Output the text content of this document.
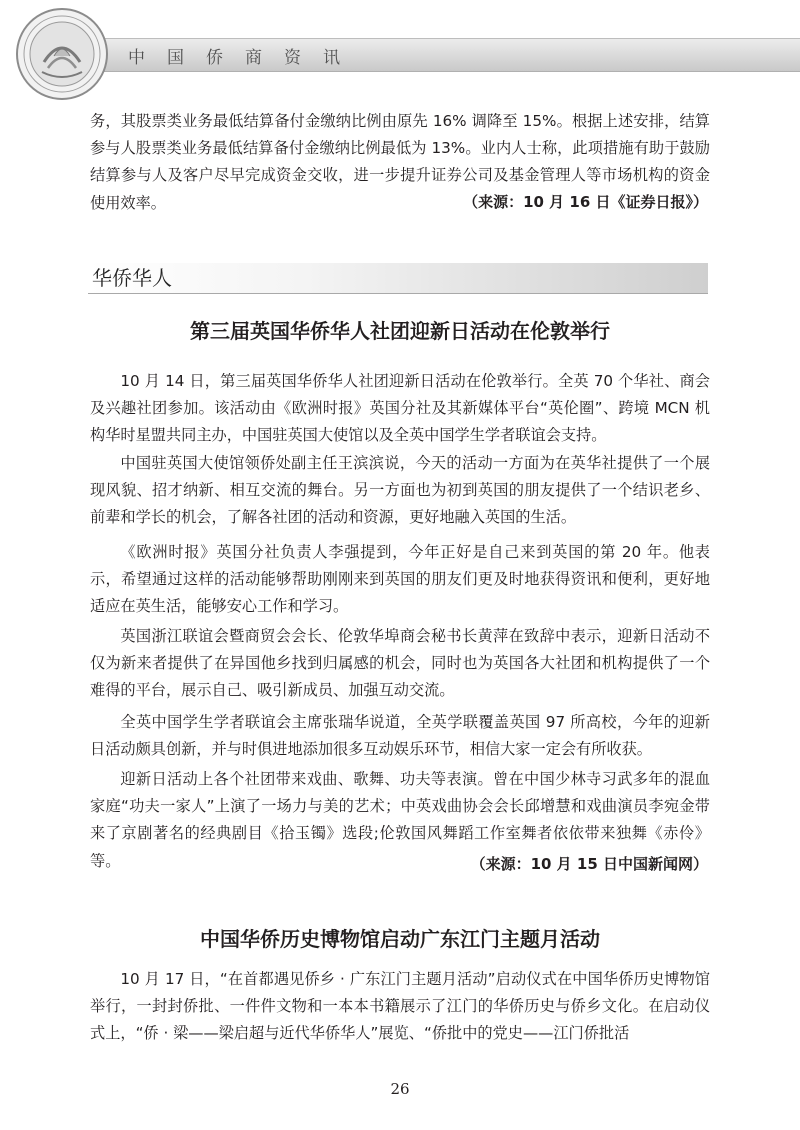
中国侨商资讯

务，其股票类业务最低结算备付金缴纳比例由原先 16% 调降至 15%。根据上述安排，结算参与人股票类业务最低结算备付金缴纳比例最低为 13%。业内人士称，此项措施有助于鼓励结算参与人及客户尽早完成资金交收，进一步提升证券公司及基金管理人等市场机构的资金使用效率。	（来源：10 月 16 日《证券日报》）

华侨华人

第三届英国华侨华人社团迎新日活动在伦敦举行

10 月 14 日，第三届英国华侨华人社团迎新日活动在伦敦举行。全英 70 个华社、商会及兴趣社团参加。该活动由《欧洲时报》英国分社及其新媒体平台“英伦圈”、跨境 MCN 机构华时星盟共同主办，中国驻英国大使馆以及全英中国学生学者联谊会支持。

中国驻英国大使馆领侨处副主任王滨滨说，今天的活动一方面为在英华社提供了一个展现风貌、招才纳新、相互交流的舞台。另一方面也为初到英国的朋友提供了一个结识老乡、前辈和学长的机会，了解各社团的活动和资源，更好地融入英国的生活。

《欧洲时报》英国分社负责人李强提到，今年正好是自己来到英国的第 20 年。他表示，希望通过这样的活动能够帮助刚刚来到英国的朋友们更及时地获得资讯和便利，更好地适应在英生活，能够安心工作和学习。

英国浙江联谊会暨商贸会会长、伦敦华埠商会秘书长黄萍在致辞中表示，迎新日活动不仅为新来者提供了在异国他乡找到归属感的机会，同时也为英国各大社团和机构提供了一个难得的平台，展示自己、吸引新成员、加强互动交流。

全英中国学生学者联谊会主席张瑞华说道，全英学联覆盖英国 97 所高校，今年的迎新日活动颇具创新，并与时俱进地添加很多互动娱乐环节，相信大家一定会有所收获。

迎新日活动上各个社团带来戏曲、歌舞、功夫等表演。曾在中国少林寺习武多年的混血家庭“功夫一家人”上演了一场力与美的艺术；中英戏曲协会会长邱增慧和戏曲演员李宛金带来了京剧著名的经典剧目《拾玉镯》选段;伦敦国风舞蹈工作室舞者依依带来独舞《赤伶》等。	（来源：10 月 15 日中国新闻网）

中国华侨历史博物馆启动广东江门主题月活动

10 月 17 日，“在首都遇见侨乡 · 广东江门主题月活动”启动仪式在中国华侨历史博物馆举行，一封封侨批、一件件文物和一本本书籍展示了江门的华侨历史与侨乡文化。在启动仪式上，“侨 · 梁——梁启超与近代华侨华人”展览、“侨批中的党史——江门侨批活

26
